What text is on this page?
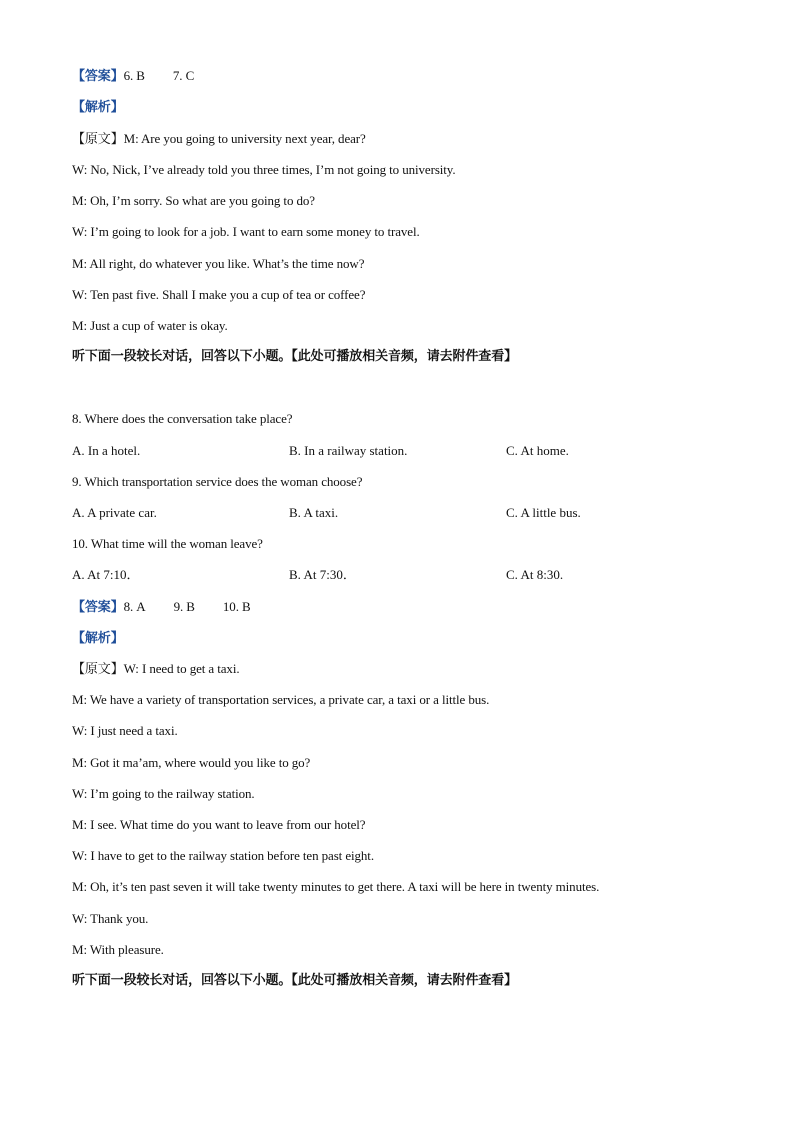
【答案】6. B 7. C
【解析】
【原文】M: Are you going to university next year, dear?
W: No, Nick, I’ve already told you three times, I’m not going to university.
M: Oh, I’m sorry. So what are you going to do?
W: I’m going to look for a job. I want to earn some money to travel.
M: All right, do whatever you like. What’s the time now?
W: Ten past five. Shall I make you a cup of tea or coffee?
M: Just a cup of water is okay.
听下面一段较长对话，回答以下小题。【此处可播放相关音频，请去附件查看】
8. Where does the conversation take place?
A. In a hotel.	B. In a railway station.	C. At home.
9. Which transportation service does the woman choose?
A. A private car.	B. A taxi.	C. A little bus.
10. What time will the woman leave?
A. At 7:10．	B. At 7:30．	C. At 8:30.
【答案】8. A 9. B 10. B
【解析】
【原文】W: I need to get a taxi.
M: We have a variety of transportation services, a private car, a taxi or a little bus.
W: I just need a taxi.
M: Got it ma’am, where would you like to go?
W: I’m going to the railway station.
M: I see. What time do you want to leave from our hotel?
W: I have to get to the railway station before ten past eight.
M: Oh, it’s ten past seven it will take twenty minutes to get there. A taxi will be here in twenty minutes.
W: Thank you.
M: With pleasure.
听下面一段较长对话，回答以下小题。【此处可播放相关音频，请去附件查看】
